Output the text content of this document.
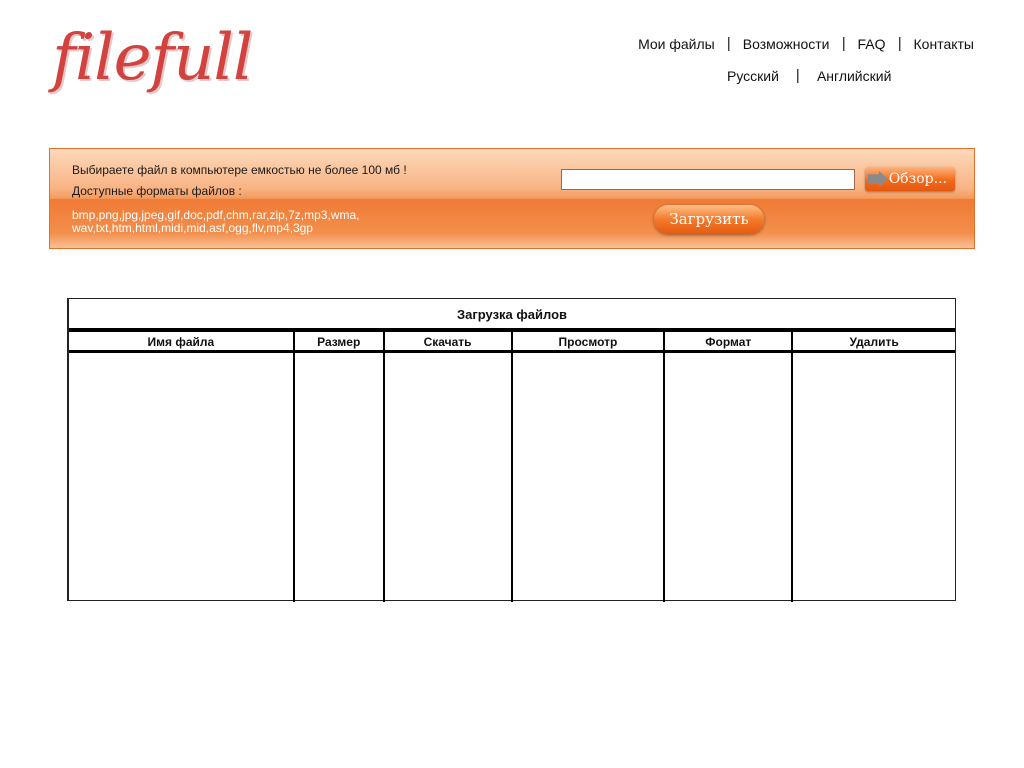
filefull	Мои файлы	Возможности	FAQ	Контакты
Русский	Английский
Выбираете файл в компьютере емкостью не более 100 мб !
Доступные форматы файлов :
bmp,png,jpg,jpeg,gif,doc,pdf,chm,rar,zip,7z,mp3,wma,
wav,txt,htm,html,midi,mid,asf,ogg,flv,mp4,3gp
Обзор...
Загрузить
Загрузка файлов
Имя файла	Размер	Скачать	Просмотр	Формат	Удалить
